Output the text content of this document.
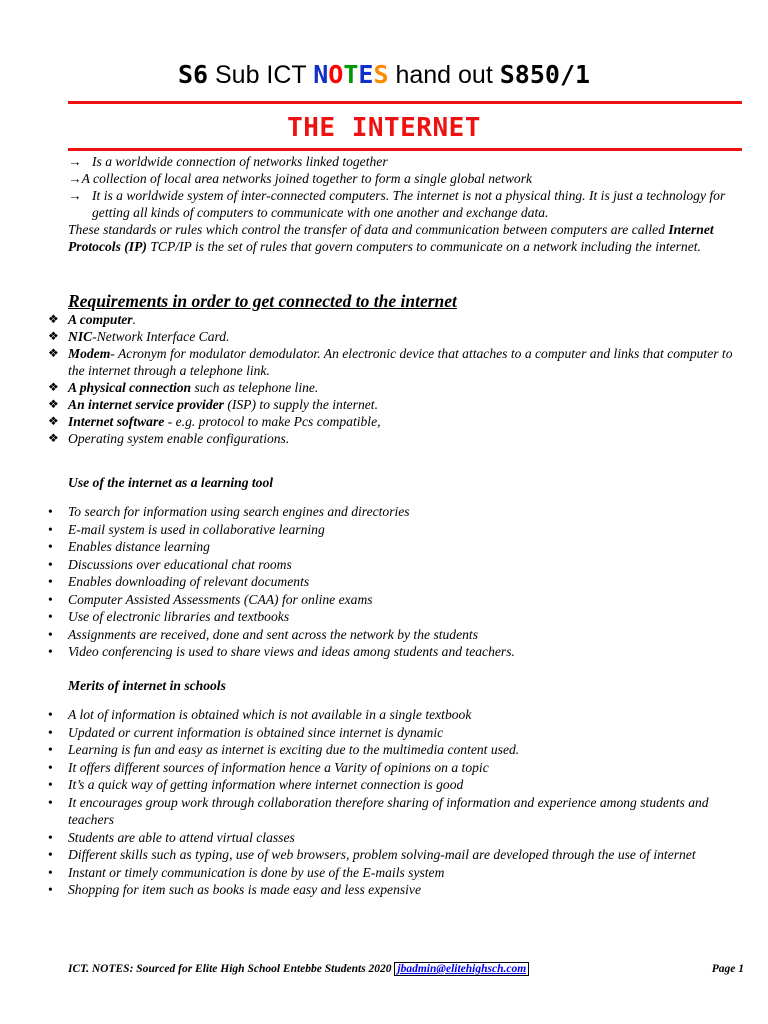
S6 Sub ICT NOTES hand out S850/1
THE INTERNET
→ Is a worldwide connection of networks linked together
→A collection of local area networks joined together to form a single global network
→ It is a worldwide system of inter-connected computers. The internet is not a physical thing. It is just a technology for getting all kinds of computers to communicate with one another and exchange data.

These standards or rules which control the transfer of data and communication between computers are called Internet Protocols (IP) TCP/IP is the set of rules that govern computers to communicate on a network including the internet.

Requirements in order to get connected to the internet
❖ A computer.
❖ NIC-Network Interface Card.
❖ Modem- Acronym for modulator demodulator. An electronic device that attaches to a computer and links that computer to the internet through a telephone link.
❖ A physical connection such as telephone line.
❖ An internet service provider (ISP) to supply the internet.
❖ Internet software - e.g. protocol to make Pcs compatible,
❖ Operating system enable configurations.
Use of the internet as a learning tool
• To search for information using search engines and directories
• E-mail system is used in collaborative learning
• Enables distance learning
• Discussions over educational chat rooms
• Enables downloading of relevant documents
• Computer Assisted Assessments (CAA) for online exams
• Use of electronic libraries and textbooks
• Assignments are received, done and sent across the network by the students
• Video conferencing is used to share views and ideas among students and teachers.
Merits of internet in schools
• A lot of information is obtained which is not available in a single textbook
• Updated or current information is obtained since internet is dynamic
• Learning is fun and easy as internet is exciting due to the multimedia content used.
• It offers different sources of information hence a Varity of opinions on a topic
• It’s a quick way of getting information where internet connection is good
• It encourages group work through collaboration therefore sharing of information and experience among students and teachers
• Students are able to attend virtual classes
• Different skills such as typing, use of web browsers, problem solving-mail are developed through the use of internet
• Instant or timely communication is done by use of the E-mails system
• Shopping for item such as books is made easy and less expensive
ICT. NOTES: Sourced for Elite High School Entebbe Students 2020 jbadmin@elitehighsch.com	Page 1
